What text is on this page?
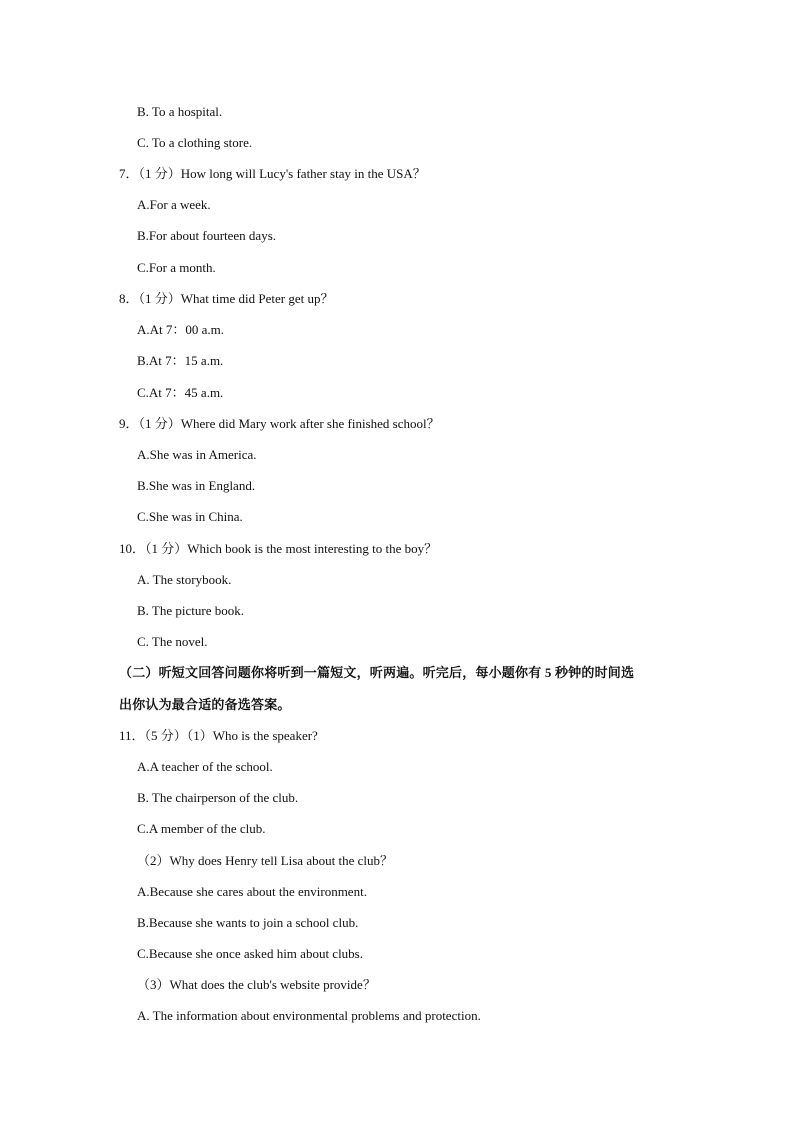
B. To a hospital.
C. To a clothing store.
7．（1 分）How long will Lucy's father stay in the USA？
A.For a week.
B.For about fourteen days.
C.For a month.
8．（1 分）What time did Peter get up？
A.At 7：00 a.m.
B.At 7：15 a.m.
C.At 7：45 a.m.
9．（1 分）Where did Mary work after she finished school？
A.She was in America.
B.She was in England.
C.She was in China.
10．（1 分）Which book is the most interesting to the boy？
A. The storybook.
B. The picture book.
C. The novel.
（二）听短文回答问题你将听到一篇短文，听两遍。听完后，每小题你有 5 秒钟的时间选
出你认为最合适的备选答案。
11．（5 分）（1）Who is the speaker?
A.A teacher of the school.
B. The chairperson of the club.
C.A member of the club.
（2）Why does Henry tell Lisa about the club？
A.Because she cares about the environment.
B.Because she wants to join a school club.
C.Because she once asked him about clubs.
（3）What does the club's website provide？
A. The information about environmental problems and protection.
